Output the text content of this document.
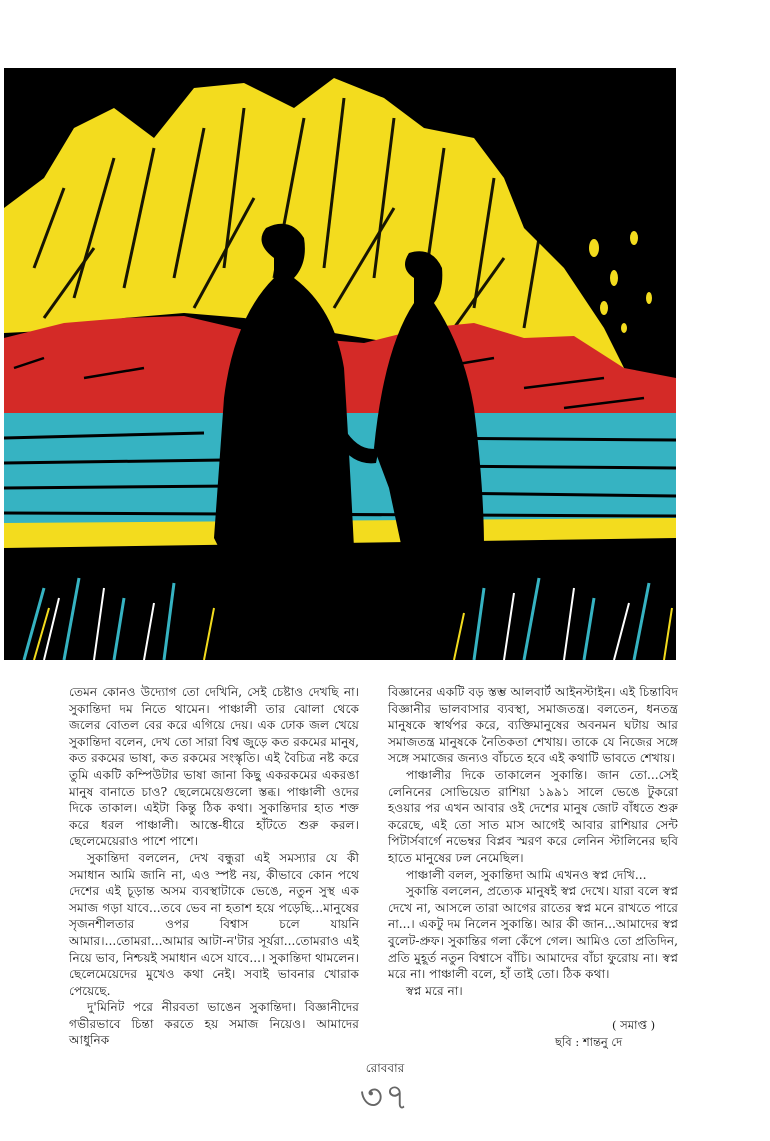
তেমন কোনও উদ্যোগ তো দেখিনি, সেই চেষ্টাও দেখছি না। সুকান্তিদা দম নিতে থামেন। পাঞ্চালী তার ঝোলা থেকে জলের বোতল বের করে এগিয়ে দেয়। এক ঢোক জল খেয়ে সুকান্তিদা বলেন, দেখ তো সারা বিশ্ব জুড়ে কত রকমের মানুষ, কত রকমের ভাষা, কত রকমের সংস্কৃতি। এই বৈচিত্র নষ্ট করে তুমি একটি কম্পিউটার ভাষা জানা কিছু একরকমের একরঙা মানুষ বানাতে চাও? ছেলেমেয়েগুলো স্তব্ধ। পাঞ্চালী ওদের দিকে তাকাল। এইটা কিন্তু ঠিক কথা। সুকান্তিদার হাত শক্ত করে ধরল পাঞ্চালী। আস্তে-ধীরে হাঁটতে শুরু করল। ছেলেমেয়েরাও পাশে পাশে।

সুকান্তিদা বললেন, দেখ বন্ধুরা এই সমস্যার যে কী সমাধান আমি জানি না, এও স্পষ্ট নয়, কীভাবে কোন পথে দেশের এই চূড়ান্ত অসম ব্যবস্থাটাকে ভেঙে, নতুন সুস্থ এক সমাজ গড়া যাবে...তবে ভেব না হতাশ হয়ে পড়েছি...মানুষের সৃজনশীলতার ওপর বিশ্বাস চলে যায়নি আমার।...তোমরা...আমার আটা-ন'টার সূর্যরা...তোমরাও এই নিয়ে ভাব, নিশ্চয়ই সমাধান এসে যাবে...। সুকান্তিদা থামলেন। ছেলেমেয়েদের মুখেও কথা নেই। সবাই ভাবনার খোরাক পেয়েছে.

দু'মিনিট পরে নীরবতা ভাঙেন সুকান্তিদা। বিজ্ঞানীদের গভীরভাবে চিন্তা করতে হয় সমাজ নিয়েও। আমাদের আধুনিক

বিজ্ঞানের একটি বড় স্তম্ভ আলবার্ট আইনস্টাইন। এই চিন্তাবিদ বিজ্ঞানীর ভালবাসার ব্যবস্থা, সমাজতন্ত্র। বলতেন, ধনতন্ত্র মানুষকে স্বার্থপর করে, ব্যক্তিমানুষের অবনমন ঘটায় আর সমাজতন্ত্র মানুষকে নৈতিকতা শেখায়। তাকে যে নিজের সঙ্গে সঙ্গে সমাজের জন্যও বাঁচতে হবে এই কথাটি ভাবতে শেখায়।

পাঞ্চালীর দিকে তাকালেন সুকান্তি। জান তো...সেই লেনিনের সোভিয়েত রাশিয়া ১৯৯১ সালে ভেঙে টুকরো হওয়ার পর এখন আবার ওই দেশের মানুষ জোট বাঁধতে শুরু করেছে, এই তো সাত মাস আগেই আবার রাশিয়ার সেন্ট পিটার্সবার্গে নভেম্বর বিপ্লব স্মরণ করে লেনিন স্টালিনের ছবি হাতে মানুষের ঢল নেমেছিল।

পাঞ্চালী বলল, সুকান্তিদা আমি এখনও স্বপ্ন দেখি...

সুকান্তি বললেন, প্রত্যেক মানুষই স্বপ্ন দেখে। যারা বলে স্বপ্ন দেখে না, আসলে তারা আগের রাতের স্বপ্ন মনে রাখতে পারে না...। একটু দম নিলেন সুকান্তি। আর কী জান...আমাদের স্বপ্ন বুলেট-প্রুফ। সুকান্তির গলা কেঁপে গেল। আমিও তো প্রতিদিন, প্রতি মুহূর্ত নতুন বিশ্বাসে বাঁচি। আমাদের বাঁচা ফুরোয় না। স্বপ্ন মরে না। পাঞ্চালী বলে, হাঁ তাই তো। ঠিক কথা।

স্বপ্ন মরে না।

( সমাপ্ত )
ছবি : শান্তনু দে
রোববার
৩৭
